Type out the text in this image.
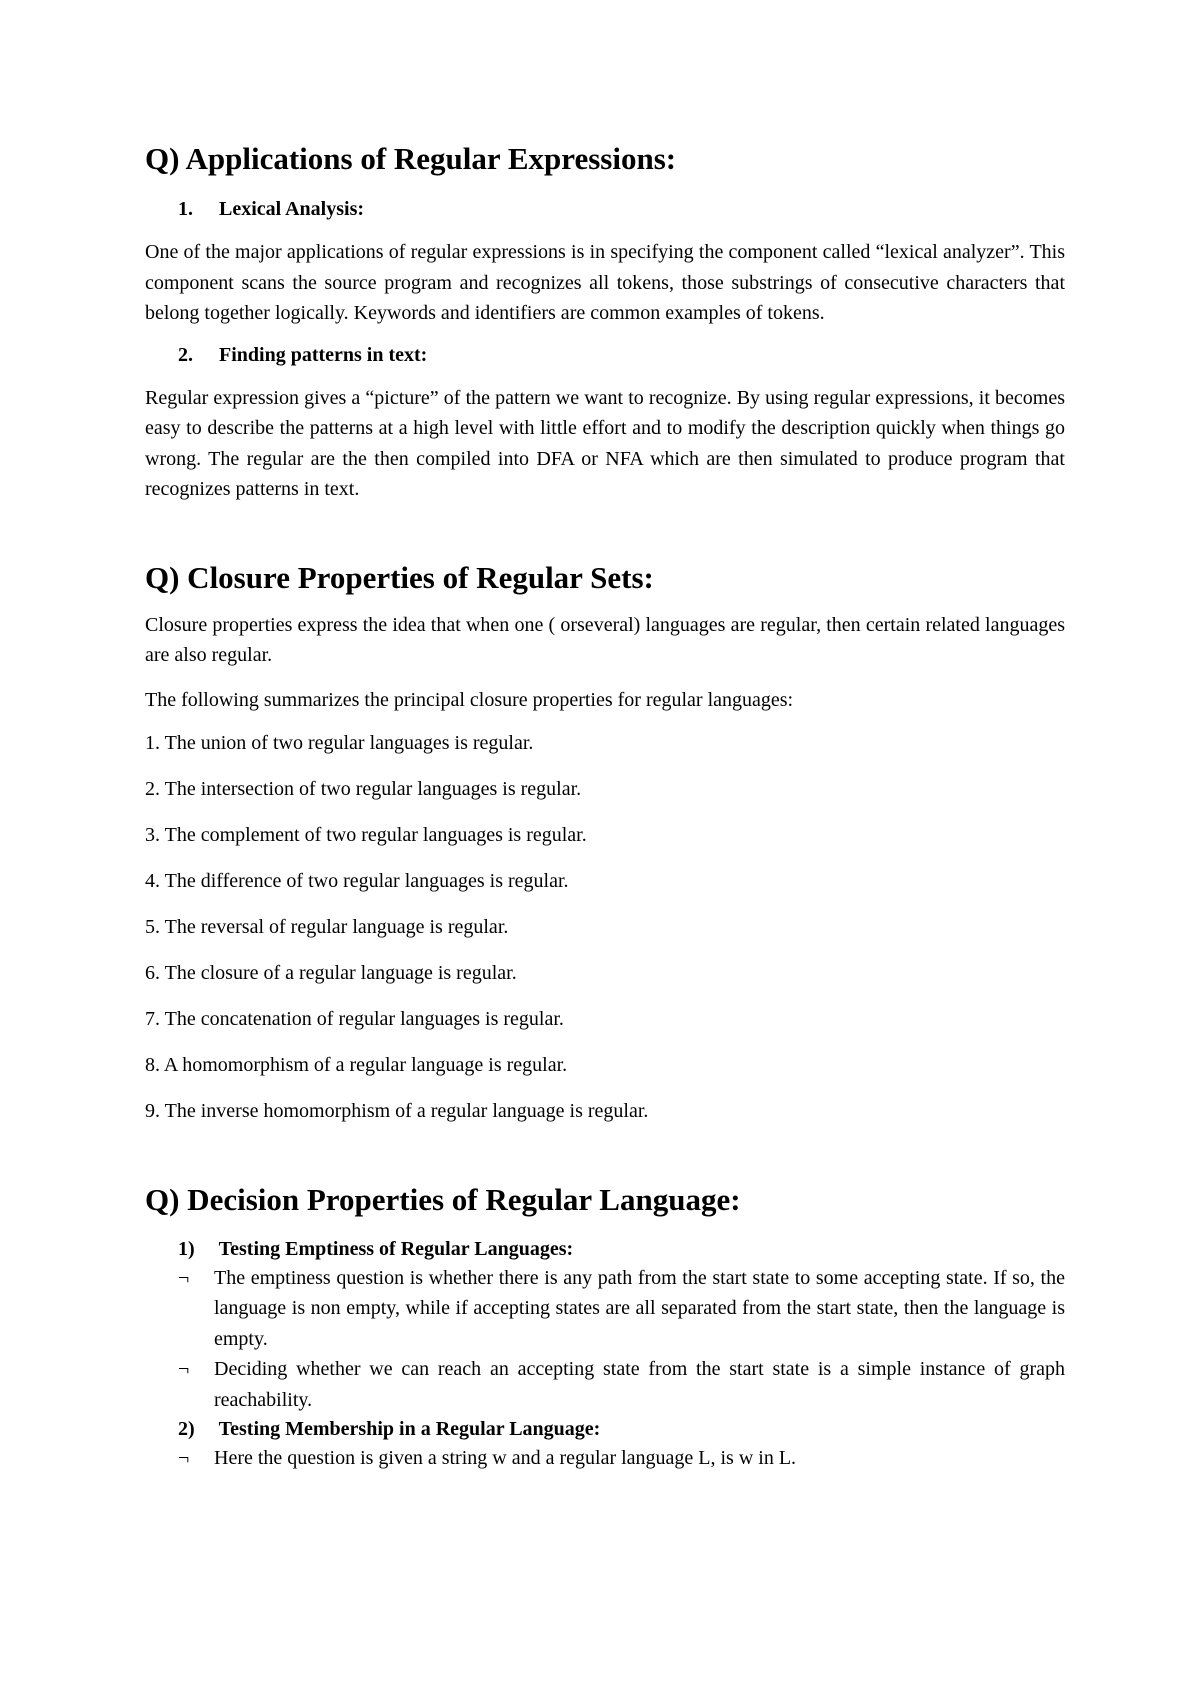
Q) Applications of Regular Expressions:
1. Lexical Analysis:

One of the major applications of regular expressions is in specifying the component called “lexical analyzer”. This component scans the source program and recognizes all tokens, those substrings of consecutive characters that belong together logically. Keywords and identifiers are common examples of tokens.

2. Finding patterns in text:

Regular expression gives a “picture” of the pattern we want to recognize. By using regular expressions, it becomes easy to describe the patterns at a high level with little effort and to modify the description quickly when things go wrong. The regular are the then compiled into DFA or NFA which are then simulated to produce program that recognizes patterns in text.

Q) Closure Properties of Regular Sets:

Closure properties express the idea that when one ( orseveral) languages are regular, then certain related languages are also regular.

The following summarizes the principal closure properties for regular languages:

1. The union of two regular languages is regular.
2. The intersection of two regular languages is regular.
3. The complement of two regular languages is regular.
4. The difference of two regular languages is regular.
5. The reversal of regular language is regular.
6. The closure of a regular language is regular.
7. The concatenation of regular languages is regular.
8. A homomorphism of a regular language is regular.
9. The inverse homomorphism of a regular language is regular.
Q) Decision Properties of Regular Language:
1) Testing Emptiness of Regular Languages:
¬	The emptiness question is whether there is any path from the start state to some accepting state. If so, the language is non empty, while if accepting states are all separated from the start state, then the language is empty.
¬	Deciding whether we can reach an accepting state from the start state is a simple instance of graph reachability.
2) Testing Membership in a Regular Language:
¬	Here the question is given a string w and a regular language L, is w in L.
